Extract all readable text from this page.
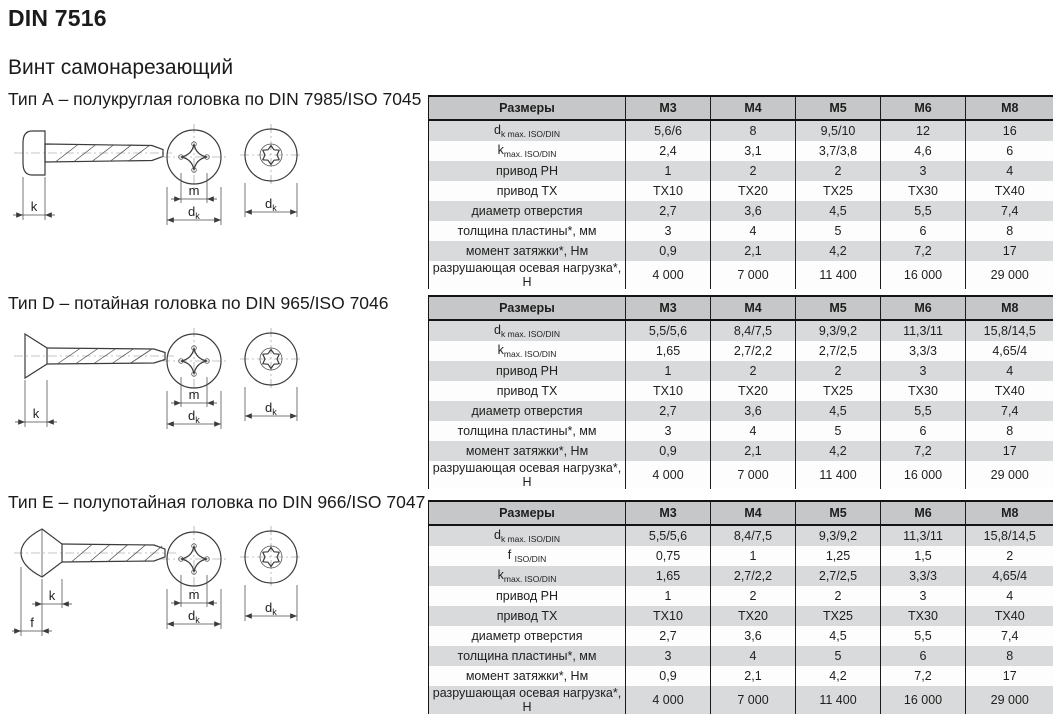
DIN 7516
Винт самонарезающий
Тип А – полукруглая головка по DIN 7985/ISO 7045
Тип D – потайная головка по DIN 965/ISO 7046
Тип E – полупотайная головка по DIN 966/ISO 7047
k
m
$d_k$
$d_k$
k
m
$d_k$
$d_k$
k
f
m
$d_k$
$d_k$
Размеры	M3	M4	M5	M6	M8
$d_{k max. ISO/DIN}$	5,6/6	8	9,5/10	12	16
$k_{max. ISO/DIN}$	2,4	3,1	3,7/3,8	4,6	6
привод PH	1	2	2	3	4
привод TX	TX10	TX20	TX25	TX30	TX40
диаметр отверстия	2,7	3,6	4,5	5,5	7,4
толщина пластины*, мм	3	4	5	6	8
момент затяжки*, Нм	0,9	2,1	4,2	7,2	17
разрушающая осевая нагрузка*, Н	4 000	7 000	11 400	16 000	29 000
Размеры	M3	M4	M5	M6	M8
$d_{k max. ISO/DIN}$	5,5/5,6	8,4/7,5	9,3/9,2	11,3/11	15,8/14,5
$k_{max. ISO/DIN}$	1,65	2,7/2,2	2,7/2,5	3,3/3	4,65/4
привод PH	1	2	2	3	4
привод TX	TX10	TX20	TX25	TX30	TX40
диаметр отверстия	2,7	3,6	4,5	5,5	7,4
толщина пластины*, мм	3	4	5	6	8
момент затяжки*, Нм	0,9	2,1	4,2	7,2	17
разрушающая осевая нагрузка*, Н	4 000	7 000	11 400	16 000	29 000
Размеры	M3	M4	M5	M6	M8
$d_{k max. ISO/DIN}$	5,5/5,6	8,4/7,5	9,3/9,2	11,3/11	15,8/14,5
f $_{ISO/DIN}$	0,75	1	1,25	1,5	2
$k_{max. ISO/DIN}$	1,65	2,7/2,2	2,7/2,5	3,3/3	4,65/4
привод PH	1	2	2	3	4
привод TX	TX10	TX20	TX25	TX30	TX40
диаметр отверстия	2,7	3,6	4,5	5,5	7,4
толщина пластины*, мм	3	4	5	6	8
момент затяжки*, Нм	0,9	2,1	4,2	7,2	17
разрушающая осевая нагрузка*, Н	4 000	7 000	11 400	16 000	29 000
